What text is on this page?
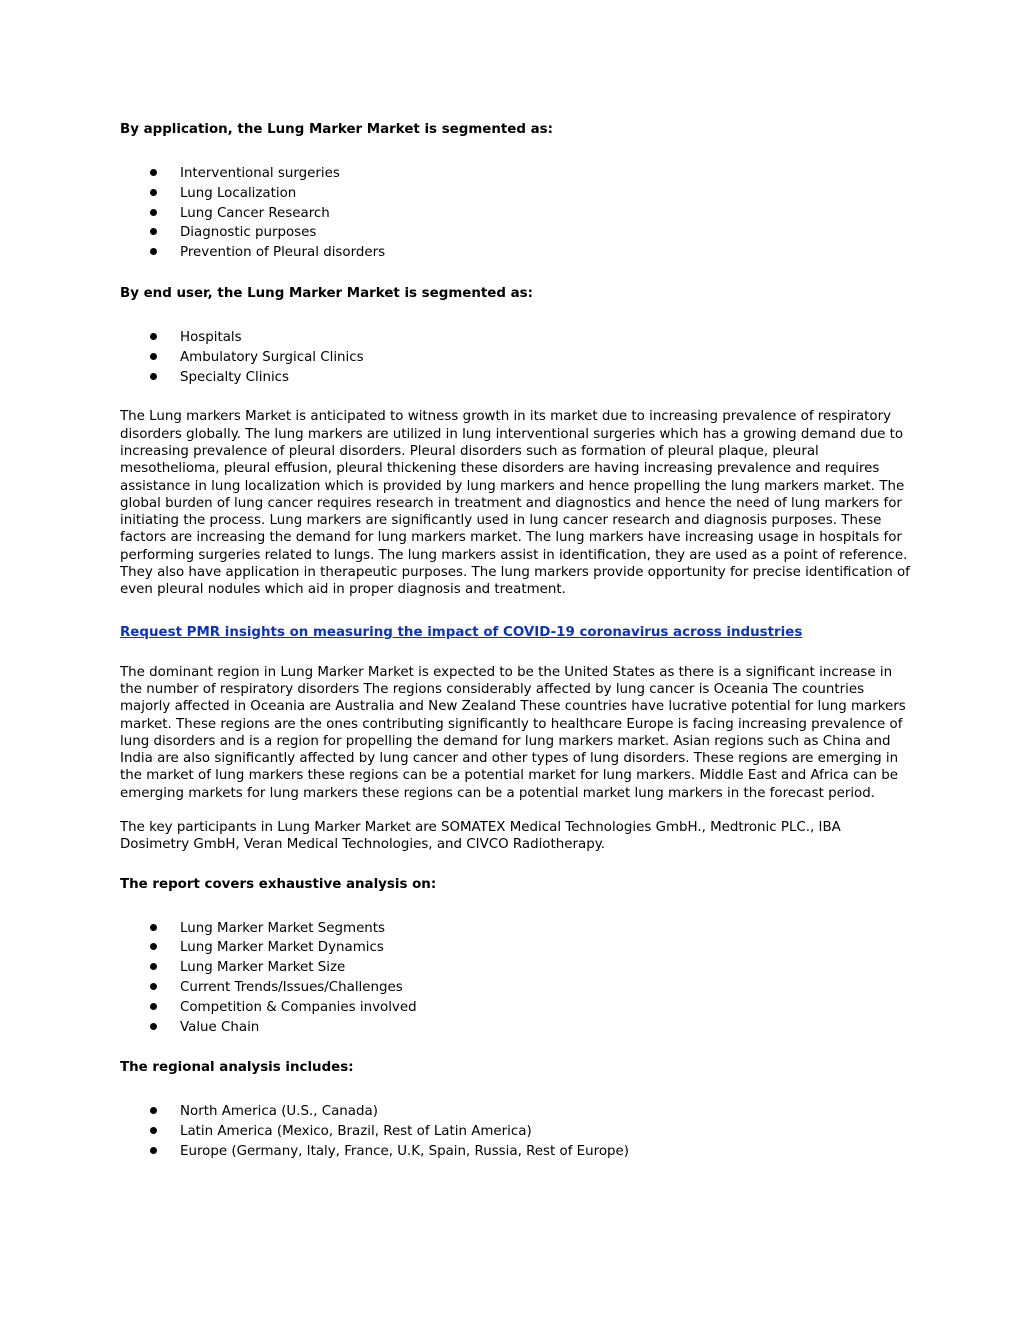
By application, the Lung Marker Market is segmented as:

Interventional surgeries
Lung Localization
Lung Cancer Research
Diagnostic purposes
Prevention of Pleural disorders

By end user, the Lung Marker Market is segmented as:

Hospitals
Ambulatory Surgical Clinics
Specialty Clinics

The Lung markers Market is anticipated to witness growth in its market due to increasing prevalence of respiratory disorders globally. The lung markers are utilized in lung interventional surgeries which has a growing demand due to increasing prevalence of pleural disorders. Pleural disorders such as formation of pleural plaque, pleural mesothelioma, pleural effusion, pleural thickening these disorders are having increasing prevalence and requires assistance in lung localization which is provided by lung markers and hence propelling the lung markers market. The global burden of lung cancer requires research in treatment and diagnostics and hence the need of lung markers for initiating the process. Lung markers are significantly used in lung cancer research and diagnosis purposes. These factors are increasing the demand for lung markers market. The lung markers have increasing usage in hospitals for performing surgeries related to lungs. The lung markers assist in identification, they are used as a point of reference. They also have application in therapeutic purposes. The lung markers provide opportunity for precise identification of even pleural nodules which aid in proper diagnosis and treatment.

Request PMR insights on measuring the impact of COVID-19 coronavirus across industries

The dominant region in Lung Marker Market is expected to be the United States as there is a significant increase in the number of respiratory disorders The regions considerably affected by lung cancer is Oceania The countries majorly affected in Oceania are Australia and New Zealand These countries have lucrative potential for lung markers market. These regions are the ones contributing significantly to healthcare Europe is facing increasing prevalence of lung disorders and is a region for propelling the demand for lung markers market. Asian regions such as China and India are also significantly affected by lung cancer and other types of lung disorders. These regions are emerging in the market of lung markers these regions can be a potential market for lung markers. Middle East and Africa can be emerging markets for lung markers these regions can be a potential market lung markers in the forecast period.

The key participants in Lung Marker Market are SOMATEX Medical Technologies GmbH., Medtronic PLC., IBA Dosimetry GmbH, Veran Medical Technologies, and CIVCO Radiotherapy.

The report covers exhaustive analysis on:

Lung Marker Market Segments
Lung Marker Market Dynamics
Lung Marker Market Size
Current Trends/Issues/Challenges
Competition & Companies involved
Value Chain

The regional analysis includes:

North America (U.S., Canada)
Latin America (Mexico, Brazil, Rest of Latin America)
Europe (Germany, Italy, France, U.K, Spain, Russia, Rest of Europe)
